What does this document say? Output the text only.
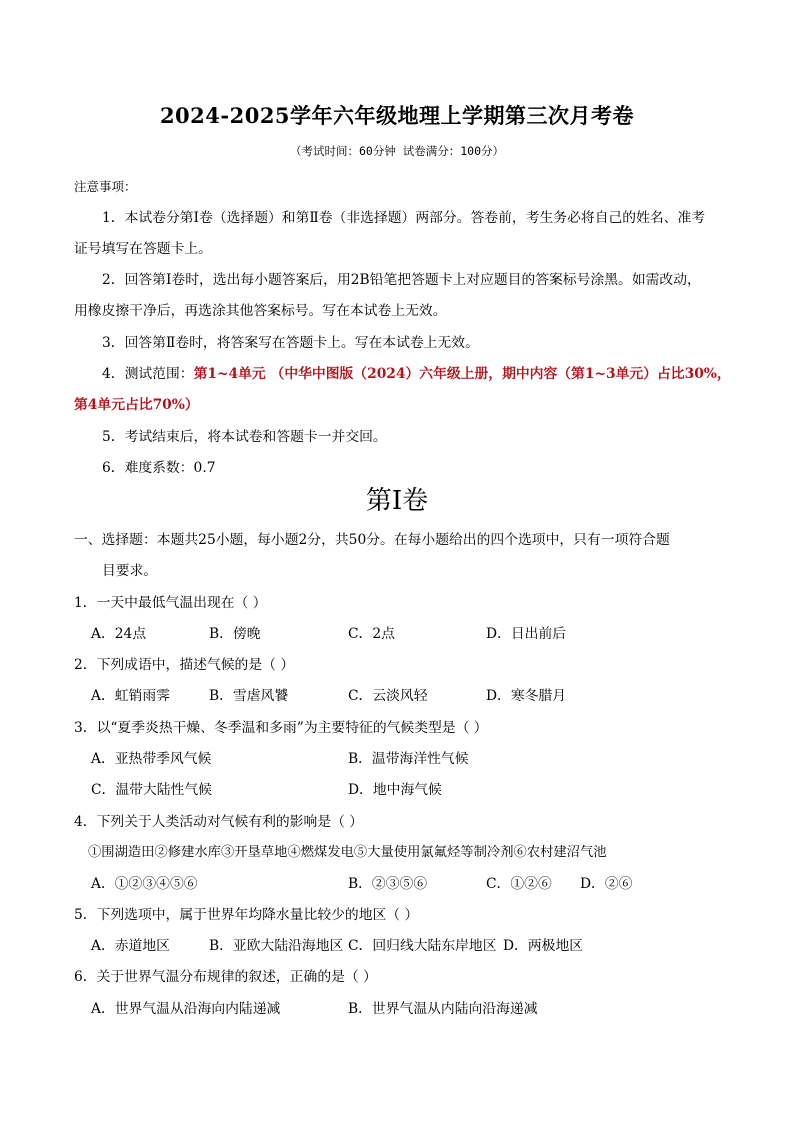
2024-2025学年六年级地理上学期第三次月考卷
（考试时间：60分钟 试卷满分：100分）
注意事项：
1．本试卷分第Ⅰ卷（选择题）和第Ⅱ卷（非选择题）两部分。答卷前，考生务必将自己的姓名、准考
证号填写在答题卡上。
2．回答第Ⅰ卷时，选出每小题答案后，用2B铅笔把答题卡上对应题目的答案标号涂黑。如需改动，
用橡皮擦干净后，再选涂其他答案标号。写在本试卷上无效。
3．回答第Ⅱ卷时，将答案写在答题卡上。写在本试卷上无效。
4．测试范围：第1~4单元 （中华中图版（2024）六年级上册，期中内容（第1~3单元）占比30%，
第4单元占比70%）
5．考试结束后，将本试卷和答题卡一并交回。
6．难度系数：0.7
第Ⅰ卷
一、选择题：本题共25小题，每小题2分，共50分。在每小题给出的四个选项中，只有一项符合题
目要求。
1．一天中最低气温出现在（ ）
A．24点	B．傍晚	C．2点	D．日出前后
2．下列成语中，描述气候的是（ ）
A．虹销雨霁	B．雪虐风饕	C．云淡风轻	D．寒冬腊月
3．以“夏季炎热干燥、冬季温和多雨”为主要特征的气候类型是（ ）
A．亚热带季风气候	B．温带海洋性气候
C．温带大陆性气候	D．地中海气候
4．下列关于人类活动对气候有利的影响是（ ）
①围湖造田②修建水库③开垦草地④燃煤发电⑤大量使用氯氟烃等制冷剂⑥农村建沼气池
A．①②③④⑤⑥	B．②③⑤⑥	C．①②⑥ D．②⑥
5．下列选项中，属于世界年均降水量比较少的地区（ ）
A．赤道地区	B．亚欧大陆沿海地区 C．回归线大陆东岸地区 D．两极地区
6．关于世界气温分布规律的叙述，正确的是（ ）
A．世界气温从沿海向内陆递减	B．世界气温从内陆向沿海递减
